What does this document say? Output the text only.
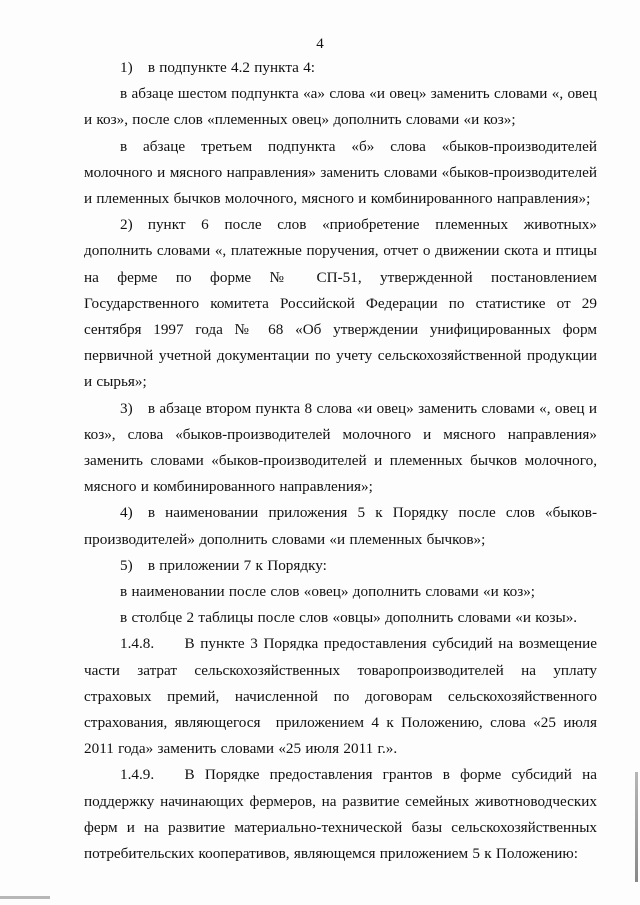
4

1) в подпункте 4.2 пункта 4:

в абзаце шестом подпункта «а» слова «и овец» заменить словами «, овец и коз», после слов «племенных овец» дополнить словами «и коз»;

в абзаце третьем подпункта «б» слова «быков-производителей молочного и мясного направления» заменить словами «быков-производителей и племенных бычков молочного, мясного и комбинированного направления»;

2) пункт 6 после слов «приобретение племенных животных» дополнить словами «, платежные поручения, отчет о движении скота и птицы на ферме по форме № СП-51, утвержденной постановлением Государственного комитета Российской Федерации по статистике от 29 сентября 1997 года № 68 «Об утверждении унифицированных форм первичной учетной документации по учету сельскохозяйственной продукции и сырья»;

3) в абзаце втором пункта 8 слова «и овец» заменить словами «, овец и коз», слова «быков-производителей молочного и мясного направления» заменить словами «быков-производителей и племенных бычков молочного, мясного и комбинированного направления»;

4) в наименовании приложения 5 к Порядку после слов «быков-производителей» дополнить словами «и племенных бычков»;

5) в приложении 7 к Порядку:

в наименовании после слов «овец» дополнить словами «и коз»;

в столбце 2 таблицы после слов «овцы» дополнить словами «и козы».

1.4.8.  В пункте 3 Порядка предоставления субсидий на возмещение части затрат сельскохозяйственных товаропроизводителей на уплату страховых премий, начисленной по договорам сельскохозяйственного страхования, являющегося приложением 4 к Положению, слова «25 июля 2011 года» заменить словами «25 июля 2011 г.».

1.4.9.  В Порядке предоставления грантов в форме субсидий на поддержку начинающих фермеров, на развитие семейных животноводческих ферм и на развитие материально-технической базы сельскохозяйственных потребительских кооперативов, являющемся приложением 5 к Положению:
